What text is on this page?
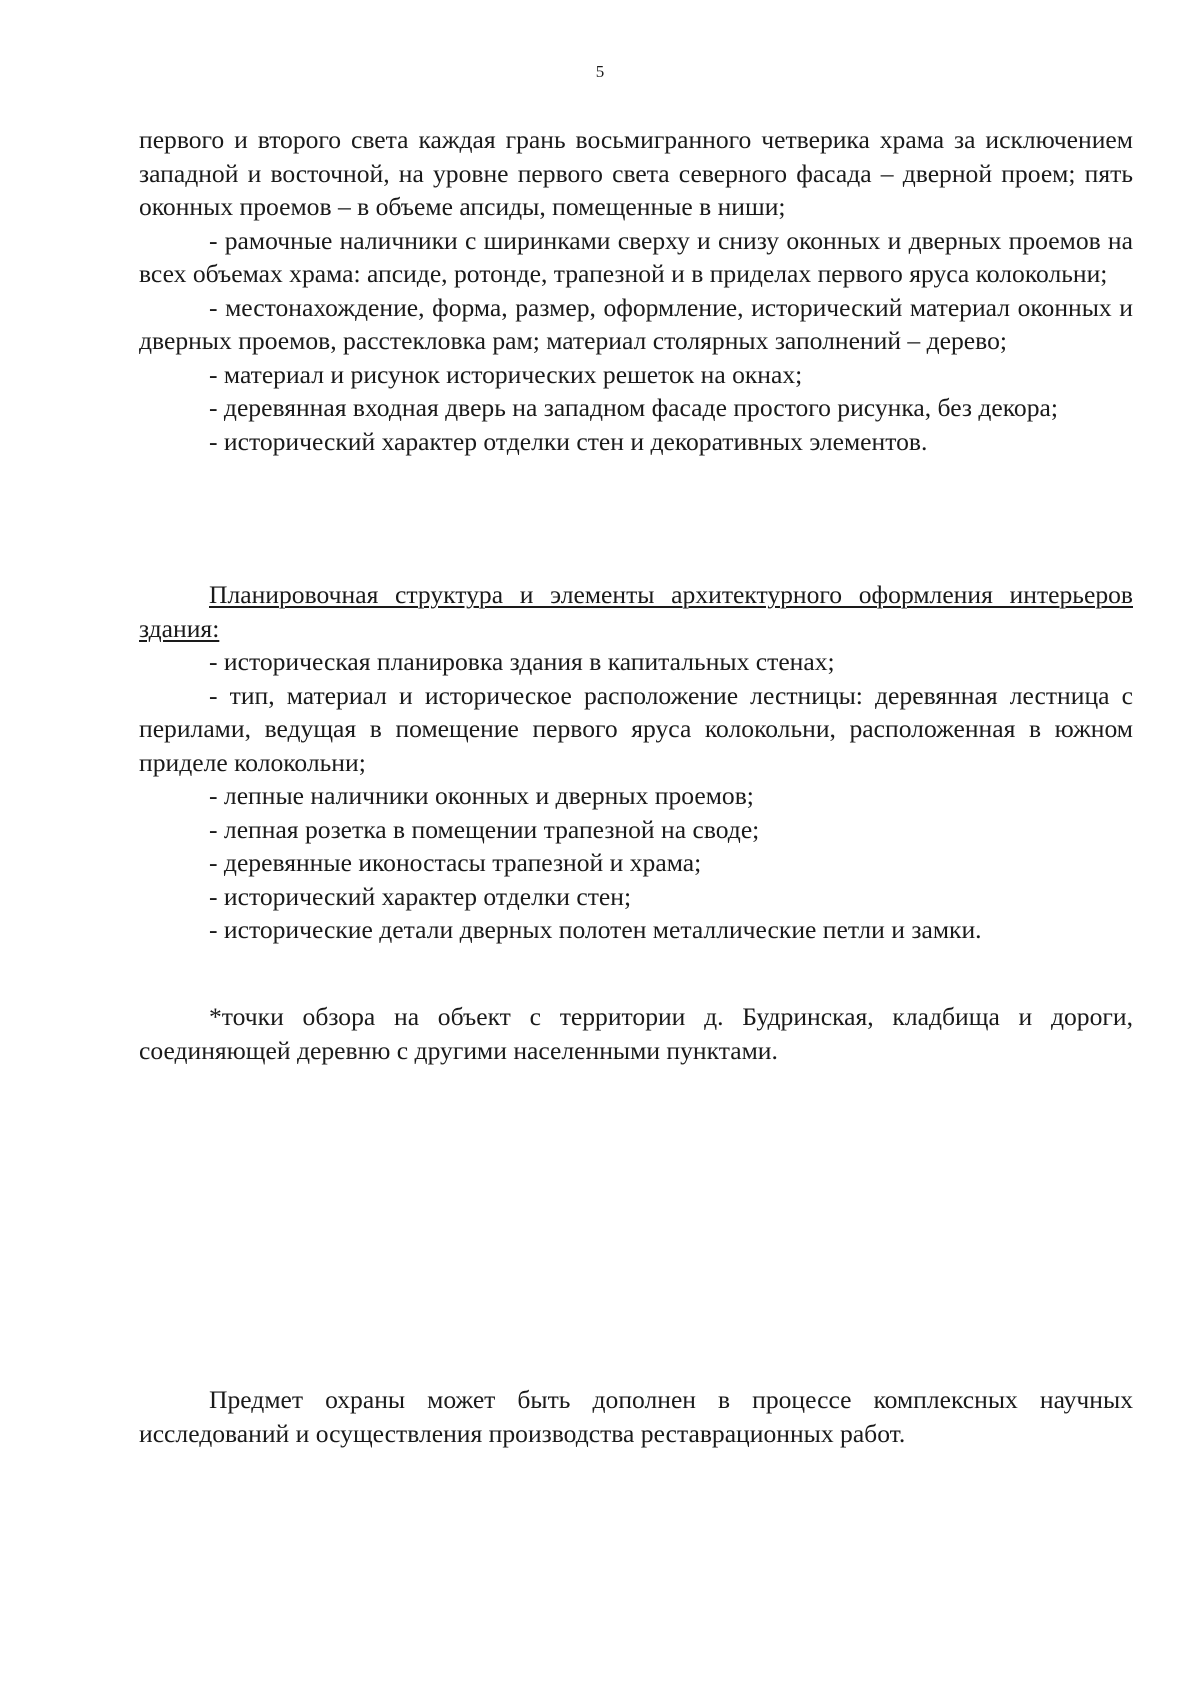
5

первого и второго света каждая грань восьмигранного четверика храма за исключением западной и восточной, на уровне первого света северного фасада – дверной проем; пять оконных проемов – в объеме апсиды, помещенные в ниши;

- рамочные наличники с ширинками сверху и снизу оконных и дверных проемов на всех объемах храма: апсиде, ротонде, трапезной и в приделах первого яруса колокольни;

- местонахождение, форма, размер, оформление, исторический материал оконных и дверных проемов, расстекловка рам; материал столярных заполнений – дерево;

- материал и рисунок исторических решеток на окнах;

- деревянная входная дверь на западном фасаде простого рисунка, без декора;

- исторический характер отделки стен и декоративных элементов.

Планировочная структура и элементы архитектурного оформления интерьеров здания:

- историческая планировка здания в капитальных стенах;

- тип, материал и историческое расположение лестницы: деревянная лестница с перилами, ведущая в помещение первого яруса колокольни, расположенная в южном приделе колокольни;

- лепные наличники оконных и дверных проемов;

- лепная розетка в помещении трапезной на своде;

- деревянные иконостасы трапезной и храма;

- исторический характер отделки стен;

- исторические детали дверных полотен металлические петли и замки.

*точки обзора на объект с территории д. Будринская, кладбища и дороги, соединяющей деревню с другими населенными пунктами.

Предмет охраны может быть дополнен в процессе комплексных научных исследований и осуществления производства реставрационных работ.
